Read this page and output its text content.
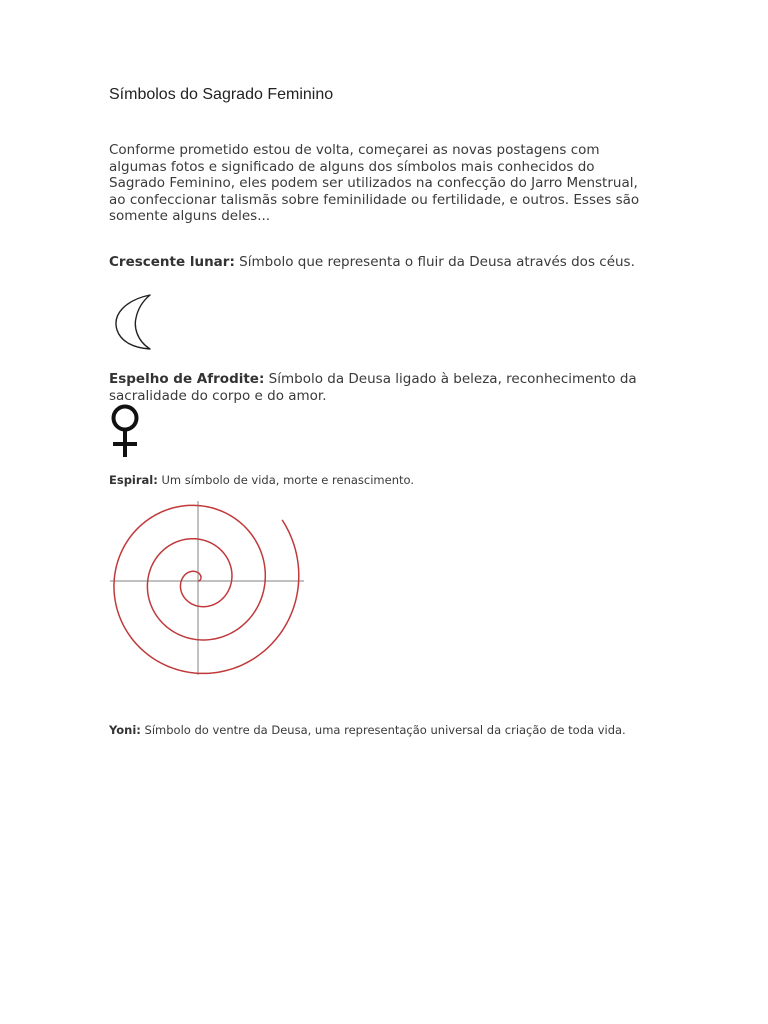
Símbolos do Sagrado Feminino
Conforme prometido estou de volta, começarei as novas postagens com algumas fotos e significado de alguns dos símbolos mais conhecidos do Sagrado Feminino, eles podem ser utilizados na confecção do Jarro Menstrual, ao confeccionar talismãs sobre feminilidade ou fertilidade, e outros. Esses são somente alguns deles...
Crescente lunar: Símbolo que representa o fluir da Deusa através dos céus.
Espelho de Afrodite: Símbolo da Deusa ligado à beleza, reconhecimento da sacralidade do corpo e do amor.
Espiral: Um símbolo de vida, morte e renascimento.
Yoni: Símbolo do ventre da Deusa, uma representação universal da criação de toda vida.
